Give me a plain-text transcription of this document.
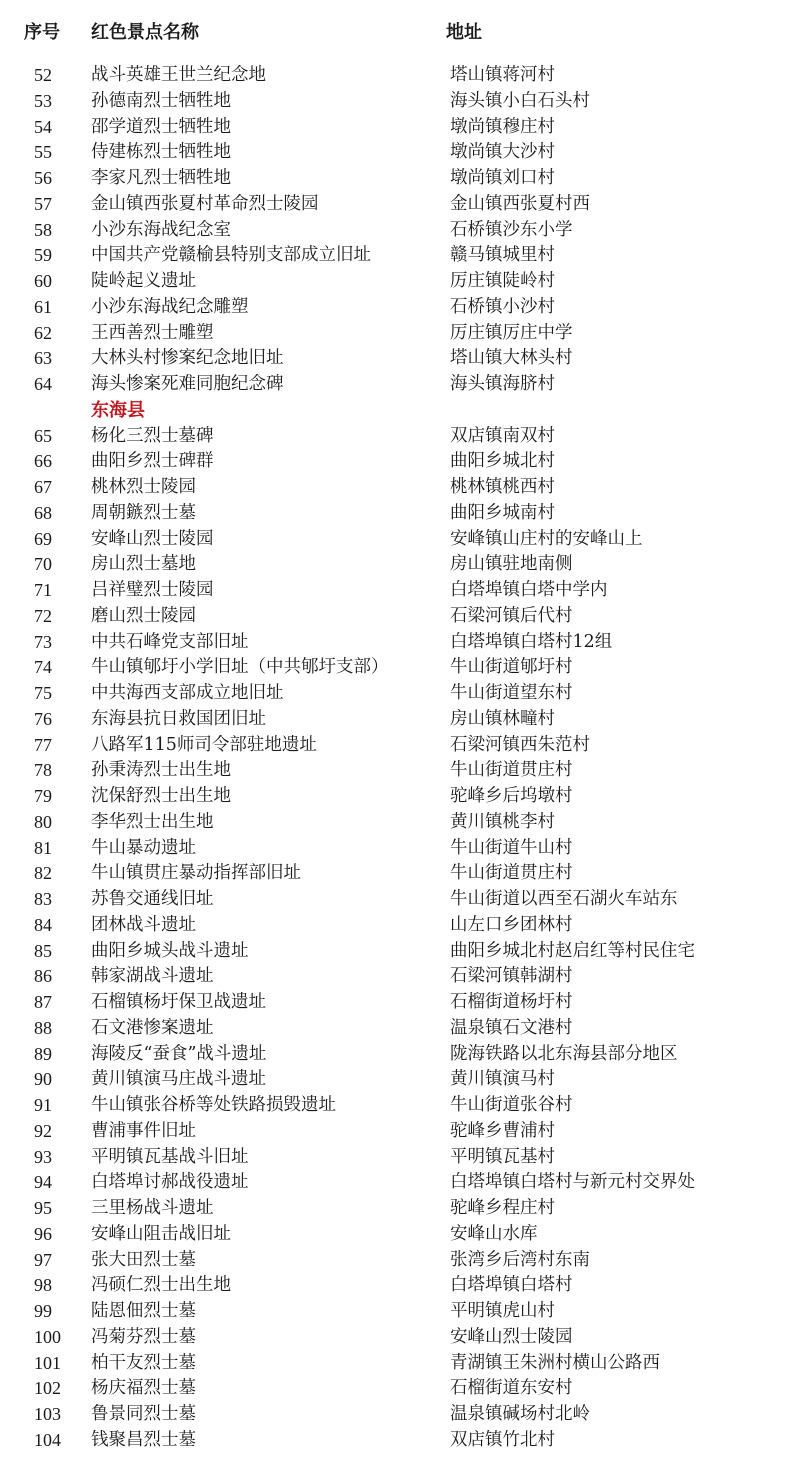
序号 红色景点名称	地址
52	战斗英雄王世兰纪念地	塔山镇蒋河村
53	孙德南烈士牺牲地	海头镇小白石头村
54	邵学道烈士牺牲地	墩尚镇穆庄村
55	侍建栋烈士牺牲地	墩尚镇大沙村
56	李家凡烈士牺牲地	墩尚镇刘口村
57	金山镇西张夏村革命烈士陵园	金山镇西张夏村西
58	小沙东海战纪念室	石桥镇沙东小学
59	中国共产党赣榆县特别支部成立旧址	赣马镇城里村
60	陡岭起义遗址	厉庄镇陡岭村
61	小沙东海战纪念雕塑	石桥镇小沙村
62	王西善烈士雕塑	厉庄镇厉庄中学
63	大林头村惨案纪念地旧址	塔山镇大林头村
64	海头惨案死难同胞纪念碑	海头镇海脐村
东海县
65	杨化三烈士墓碑	双店镇南双村
66	曲阳乡烈士碑群	曲阳乡城北村
67	桃林烈士陵园	桃林镇桃西村
68	周朝鏃烈士墓	曲阳乡城南村
69	安峰山烈士陵园	安峰镇山庄村的安峰山上
70	房山烈士墓地	房山镇驻地南侧
71	吕祥璧烈士陵园	白塔埠镇白塔中学内
72	磨山烈士陵园	石梁河镇后代村
73	中共石峰党支部旧址	白塔埠镇白塔村12组
74	牛山镇郇圩小学旧址（中共郇圩支部）	牛山街道郇圩村
75	中共海西支部成立地旧址	牛山街道望东村
76	东海县抗日救国团旧址	房山镇林疃村
77	八路军115师司令部驻地遗址	石梁河镇西朱范村
78	孙秉涛烈士出生地	牛山街道贯庄村
79	沈保舒烈士出生地	驼峰乡后坞墩村
80	李华烈士出生地	黄川镇桃李村
81	牛山暴动遗址	牛山街道牛山村
82	牛山镇贯庄暴动指挥部旧址	牛山街道贯庄村
83	苏鲁交通线旧址	牛山街道以西至石湖火车站东
84	团林战斗遗址	山左口乡团林村
85	曲阳乡城头战斗遗址	曲阳乡城北村赵启红等村民住宅
86	韩家湖战斗遗址	石梁河镇韩湖村
87	石榴镇杨圩保卫战遗址	石榴街道杨圩村
88	石文港惨案遗址	温泉镇石文港村
89	海陵反“蚕食”战斗遗址	陇海铁路以北东海县部分地区
90	黄川镇演马庄战斗遗址	黄川镇演马村
91	牛山镇张谷桥等处铁路损毁遗址	牛山街道张谷村
92	曹浦事件旧址	驼峰乡曹浦村
93	平明镇瓦基战斗旧址	平明镇瓦基村
94	白塔埠讨郝战役遗址	白塔埠镇白塔村与新元村交界处
95	三里杨战斗遗址	驼峰乡程庄村
96	安峰山阻击战旧址	安峰山水库
97	张大田烈士墓	张湾乡后湾村东南
98	冯硕仁烈士出生地	白塔埠镇白塔村
99	陆恩佃烈士墓	平明镇虎山村
100	冯菊芬烈士墓	安峰山烈士陵园
101	柏干友烈士墓	青湖镇王朱洲村横山公路西
102	杨庆福烈士墓	石榴街道东安村
103	鲁景同烈士墓	温泉镇碱场村北岭
104	钱聚昌烈士墓	双店镇竹北村
